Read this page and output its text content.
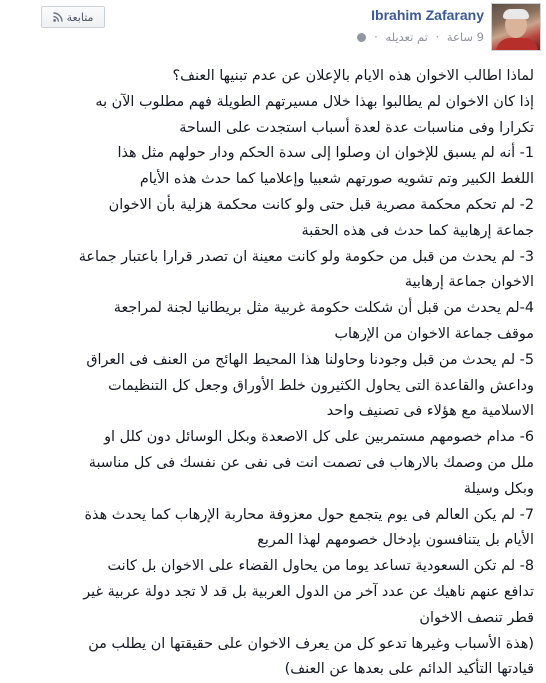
Ibrahim Zafarany
9 ساعة · تم تعديله ·
متابعة

لماذا اطالب الاخوان هذه الايام بالإعلان عن عدم تبنيها العنف؟

إذا كان الاخوان لم يطالبوا بهذا خلال مسيرتهم الطويلة فهم مطلوب الآن به

تكرارا وفى مناسبات عدة لعدة أسباب استجدت على الساحة

1- أنه لم يسبق للإخوان ان وصلوا إلى سدة الحكم ودار حولهم مثل هذا

اللغط الكبير وتم تشويه صورتهم شعبيا وإعلاميا كما حدث هذه الأيام

2- لم تحكم محكمة مصرية قبل حتى ولو كانت محكمة هزلية بأن الاخوان

جماعة إرهابية كما حدث فى هذه الحقبة

3- لم يحدث من قبل من حكومة ولو كانت معينة ان تصدر قرارا باعتبار جماعة

الاخوان جماعة إرهابية

4-لم يحدث من قبل أن شكلت حكومة غربية مثل بريطانيا لجنة لمراجعة

موقف جماعة الاخوان من الإرهاب

5- لم يحدث من قبل وجودنا وحاولنا هذا المحيط الهائج من العنف فى العراق

وداعش والقاعدة التى يحاول الكثيرون خلط الأوراق وجعل كل التنظيمات

الاسلامية مع هؤلاء فى تصنيف واحد

6- مدام خصومهم مستمربين على كل الاصعدة وبكل الوسائل دون كلل او

ملل من وصمك بالارهاب فى تصمت انت فى نفى عن نفسك فى كل مناسبة

وبكل وسيلة

7- لم يكن العالم فى يوم يتجمع حول معزوفة محاربة الإرهاب كما يحدث هذة

الأيام بل يتنافسون بإدخال خصومهم لهذا المربع

8- لم تكن السعودية تساعد يوما من يحاول القضاء على الاخوان بل كانت

تدافع عنهم ناهيك عن عدد آخر من الدول العربية بل قد لا تجد دولة عربية غير

قطر تنصف الاخوان

(هذة الأسباب وغيرها تدعو كل من يعرف الاخوان على حقيقتها ان يطلب من

قيادتها التأكيد الدائم على بعدها عن العنف)
